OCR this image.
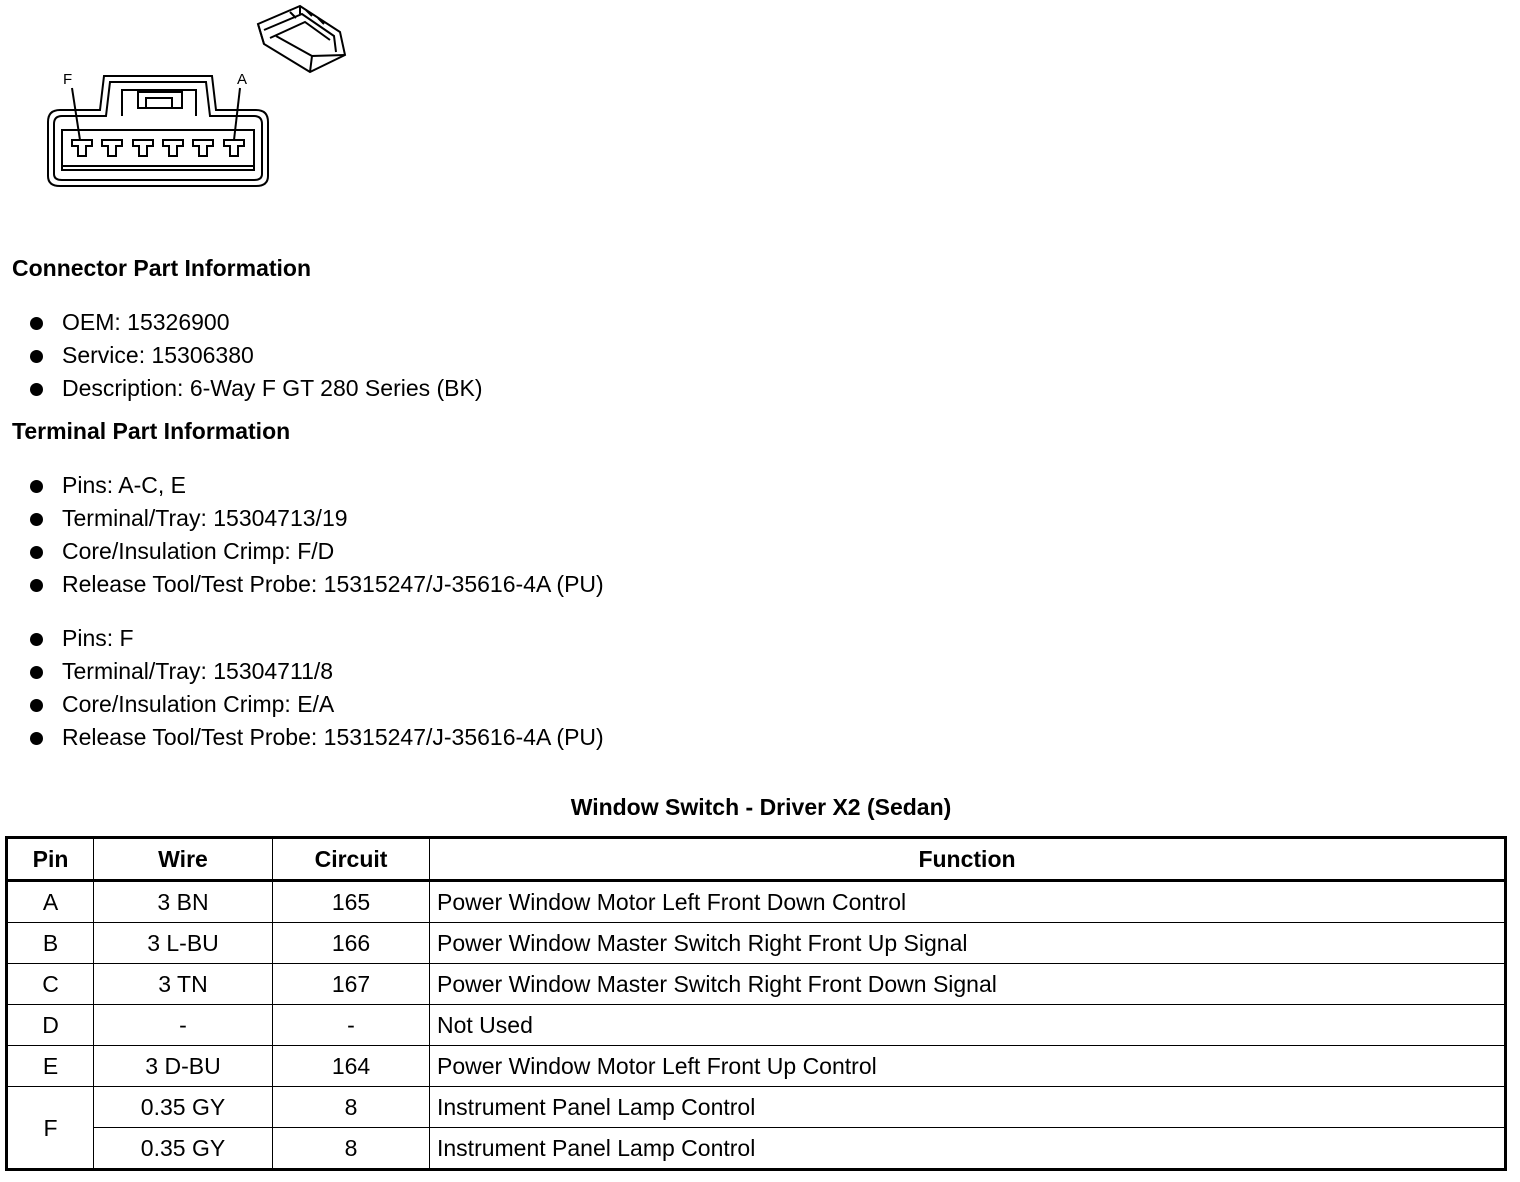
F	A
Connector Part Information
OEM: 15326900
Service: 15306380
Description: 6-Way F GT 280 Series (BK)
Terminal Part Information
Pins: A-C, E
Terminal/Tray: 15304713/19
Core/Insulation Crimp: F/D
Release Tool/Test Probe: 15315247/J-35616-4A (PU)
Pins: F
Terminal/Tray: 15304711/8
Core/Insulation Crimp: E/A
Release Tool/Test Probe: 15315247/J-35616-4A (PU)
Window Switch - Driver X2 (Sedan)
Pin	Wire	Circuit	Function
A	3 BN	165	Power Window Motor Left Front Down Control
B	3 L-BU	166	Power Window Master Switch Right Front Up Signal
C	3 TN	167	Power Window Master Switch Right Front Down Signal
D	-	-	Not Used
E	3 D-BU	164	Power Window Motor Left Front Up Control
F	0.35 GY	8	Instrument Panel Lamp Control
	0.35 GY	8	Instrument Panel Lamp Control
